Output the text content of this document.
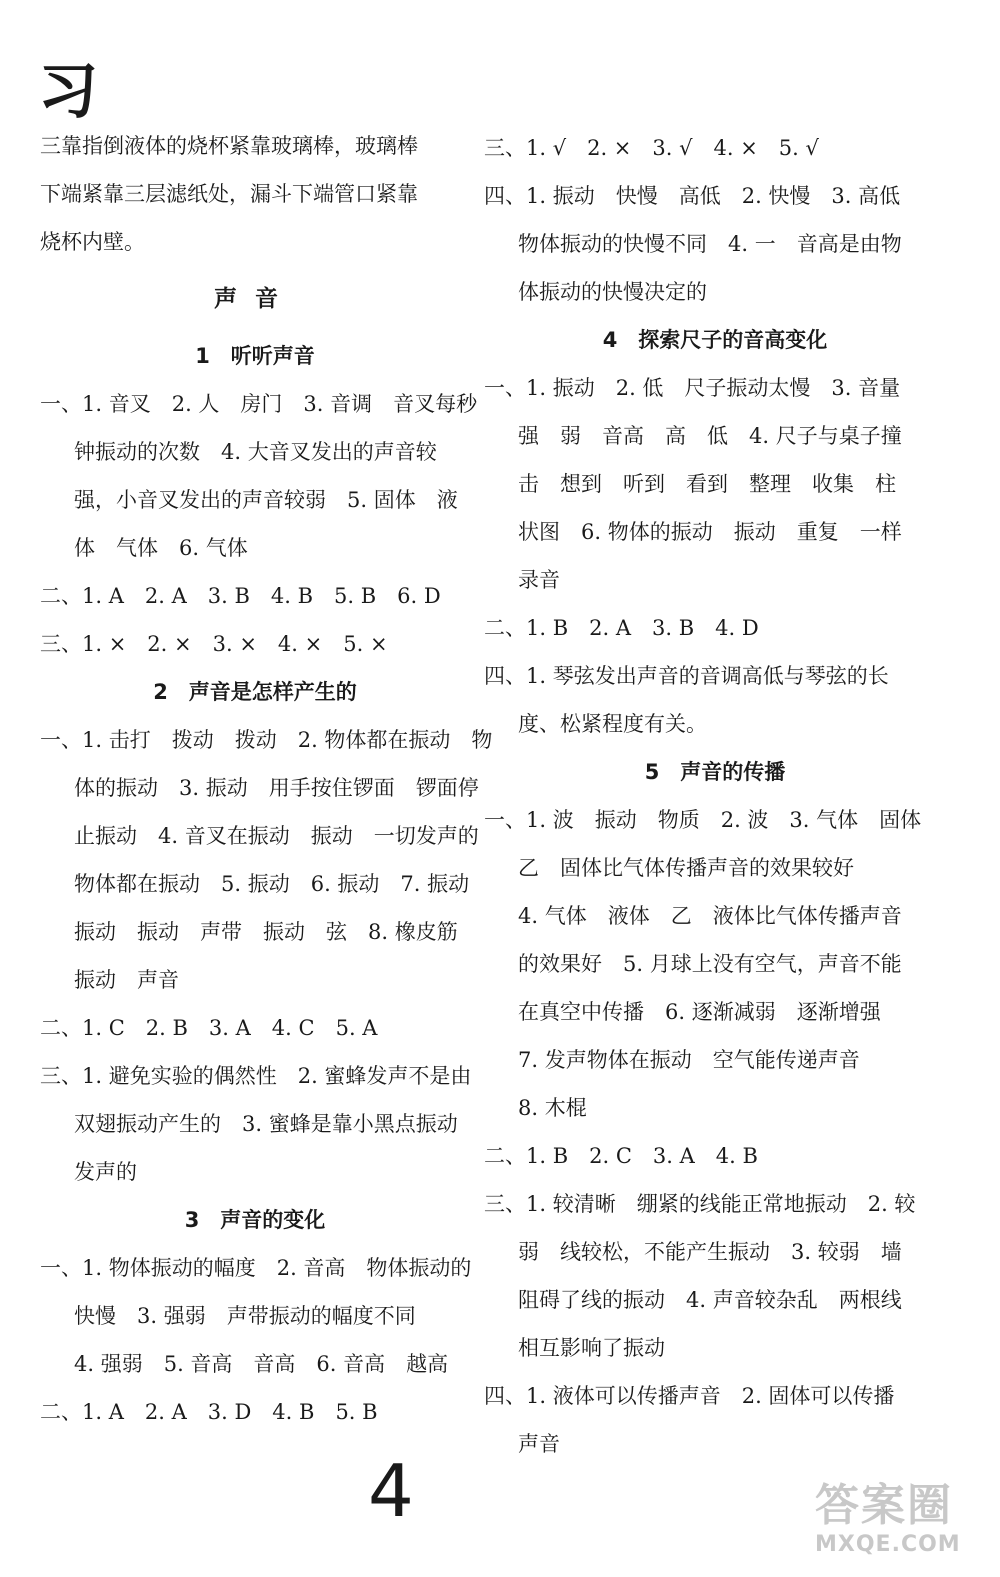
习
三靠指倒液体的烧杯紧靠玻璃棒，玻璃棒
下端紧靠三层滤纸处，漏斗下端管口紧靠
烧杯内壁。
声音
1　听听声音
一、1. 音叉　2. 人　房门　3. 音调　音叉每秒
钟振动的次数　4. 大音叉发出的声音较
强，小音叉发出的声音较弱　5. 固体　液
体　气体　6. 气体
二、1. A　2. A　3. B　4. B　5. B　6. D
三、1. ×　2. ×　3. ×　4. ×　5. ×
2　声音是怎样产生的
一、1. 击打　拨动　拨动　2. 物体都在振动　物
体的振动　3. 振动　用手按住锣面　锣面停
止振动　4. 音叉在振动　振动　一切发声的
物体都在振动　5. 振动　6. 振动　7. 振动
振动　振动　声带　振动　弦　8. 橡皮筋
振动　声音
二、1. C　2. B　3. A　4. C　5. A
三、1. 避免实验的偶然性　2. 蜜蜂发声不是由
双翅振动产生的　3. 蜜蜂是靠小黑点振动
发声的
3　声音的变化
一、1. 物体振动的幅度　2. 音高　物体振动的
快慢　3. 强弱　声带振动的幅度不同
4. 强弱　5. 音高　音高　6. 音高　越高
二、1. A　2. A　3. D　4. B　5. B
三、1. √　2. ×　3. √　4. ×　5. √
四、1. 振动　快慢　高低　2. 快慢　3. 高低
物体振动的快慢不同　4. 一　音高是由物
体振动的快慢决定的
4　探索尺子的音高变化
一、1. 振动　2. 低　尺子振动太慢　3. 音量
强　弱　音高　高　低　4. 尺子与桌子撞
击　想到　听到　看到　整理　收集　柱
状图　6. 物体的振动　振动　重复　一样
录音
二、1. B　2. A　3. B　4. D
四、1. 琴弦发出声音的音调高低与琴弦的长
度、松紧程度有关。
5　声音的传播
一、1. 波　振动　物质　2. 波　3. 气体　固体
乙　固体比气体传播声音的效果较好
4. 气体　液体　乙　液体比气体传播声音
的效果好　5. 月球上没有空气，声音不能
在真空中传播　6. 逐渐减弱　逐渐增强
7. 发声物体在振动　空气能传递声音
8. 木棍
二、1. B　2. C　3. A　4. B
三、1. 较清晰　绷紧的线能正常地振动　2. 较
弱　线较松，不能产生振动　3. 较弱　墙
阻碍了线的振动　4. 声音较杂乱　两根线
相互影响了振动
四、1. 液体可以传播声音　2. 固体可以传播
声音
4	答案圈
MXQE.COM
